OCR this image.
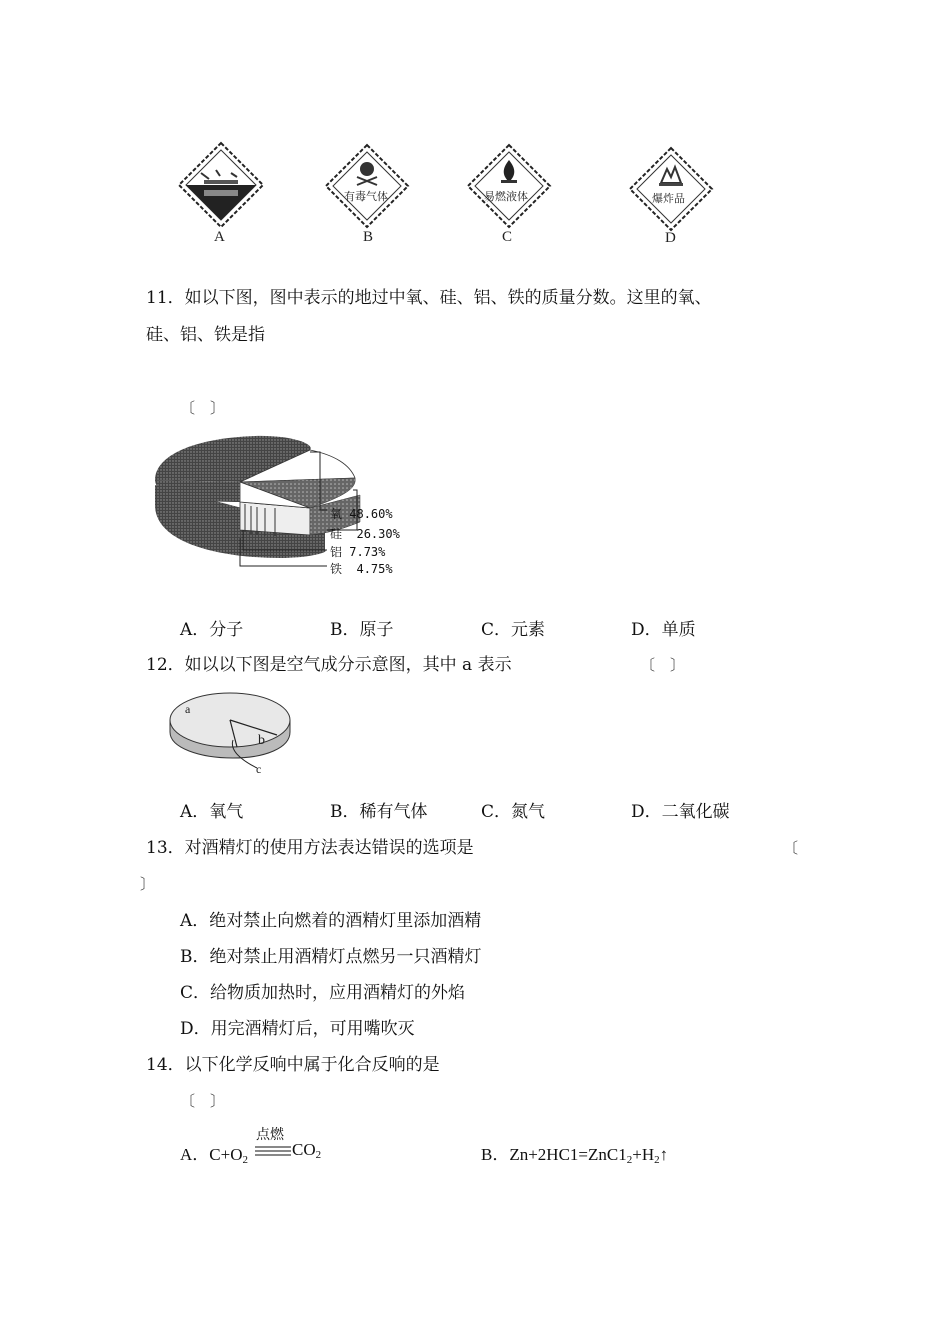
A
有毒气体
B
易燃液体
C
爆炸品
D
11．如以下图，图中表示的地过中氧、硅、铝、铁的质量分数。这里的氧、
硅、铝、铁是指
〔　〕
氧 48.60%
硅 26.30%
铝 7.73%
铁 4.75%
A．分子	B．原子	C．元素	D．单质
12．如以以下图是空气成分示意图，其中 a 表示	〔　〕
a
b
c
A．氧气	B．稀有气体	C．氮气	D．二氧化碳
13．对酒精灯的使用方法表达错误的选项是	〔
〕
A．绝对禁止向燃着的酒精灯里添加酒精
B．绝对禁止用酒精灯点燃另一只酒精灯
C．给物质加热时，应用酒精灯的外焰
D．用完酒精灯后，可用嘴吹灭
14．以下化学反响中属于化合反响的是
〔　〕
A．$C+O_2$
点燃
$CO_2$	B．$Zn+2HC1=ZnC1_2+H_2↑$
